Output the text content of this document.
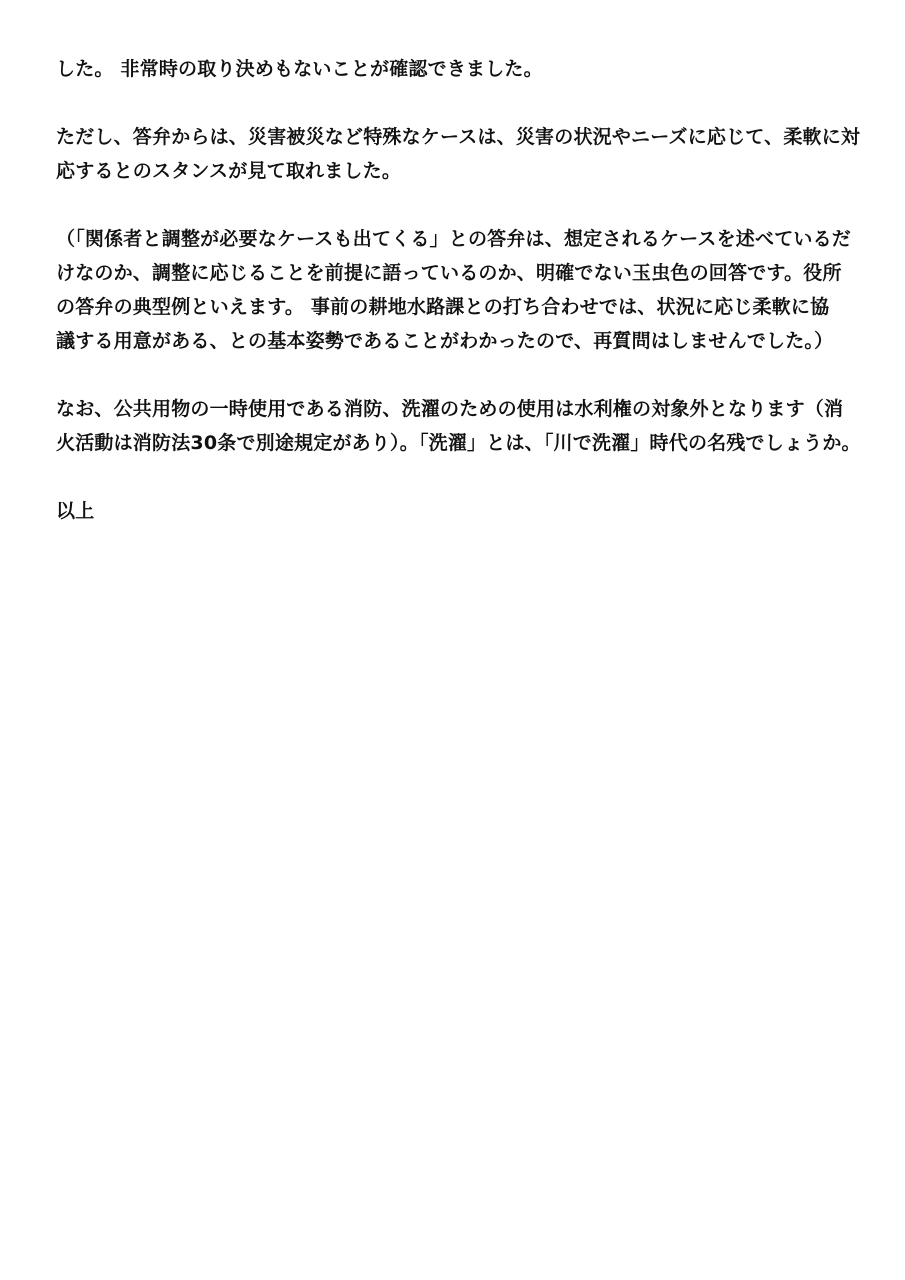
した。 非常時の取り決めもないことが確認できました。

ただし、答弁からは、災害被災など特殊なケースは、災害の状況やニーズに応じて、柔軟に対
応するとのスタンスが見て取れました。

（「関係者と調整が必要なケースも出てくる」との答弁は、想定されるケースを述べているだ
けなのか、調整に応じることを前提に語っているのか、明確でない玉虫色の回答です。役所
の答弁の典型例といえます。 事前の耕地水路課との打ち合わせでは、状況に応じ柔軟に協
議する用意がある、との基本姿勢であることがわかったので、再質問はしませんでした。）

なお、公共用物の一時使用である消防、洗濯のための使用は水利権の対象外となります（消
火活動は消防法30条で別途規定があり）。「洗濯」とは、「川で洗濯」時代の名残でしょうか。

以上
